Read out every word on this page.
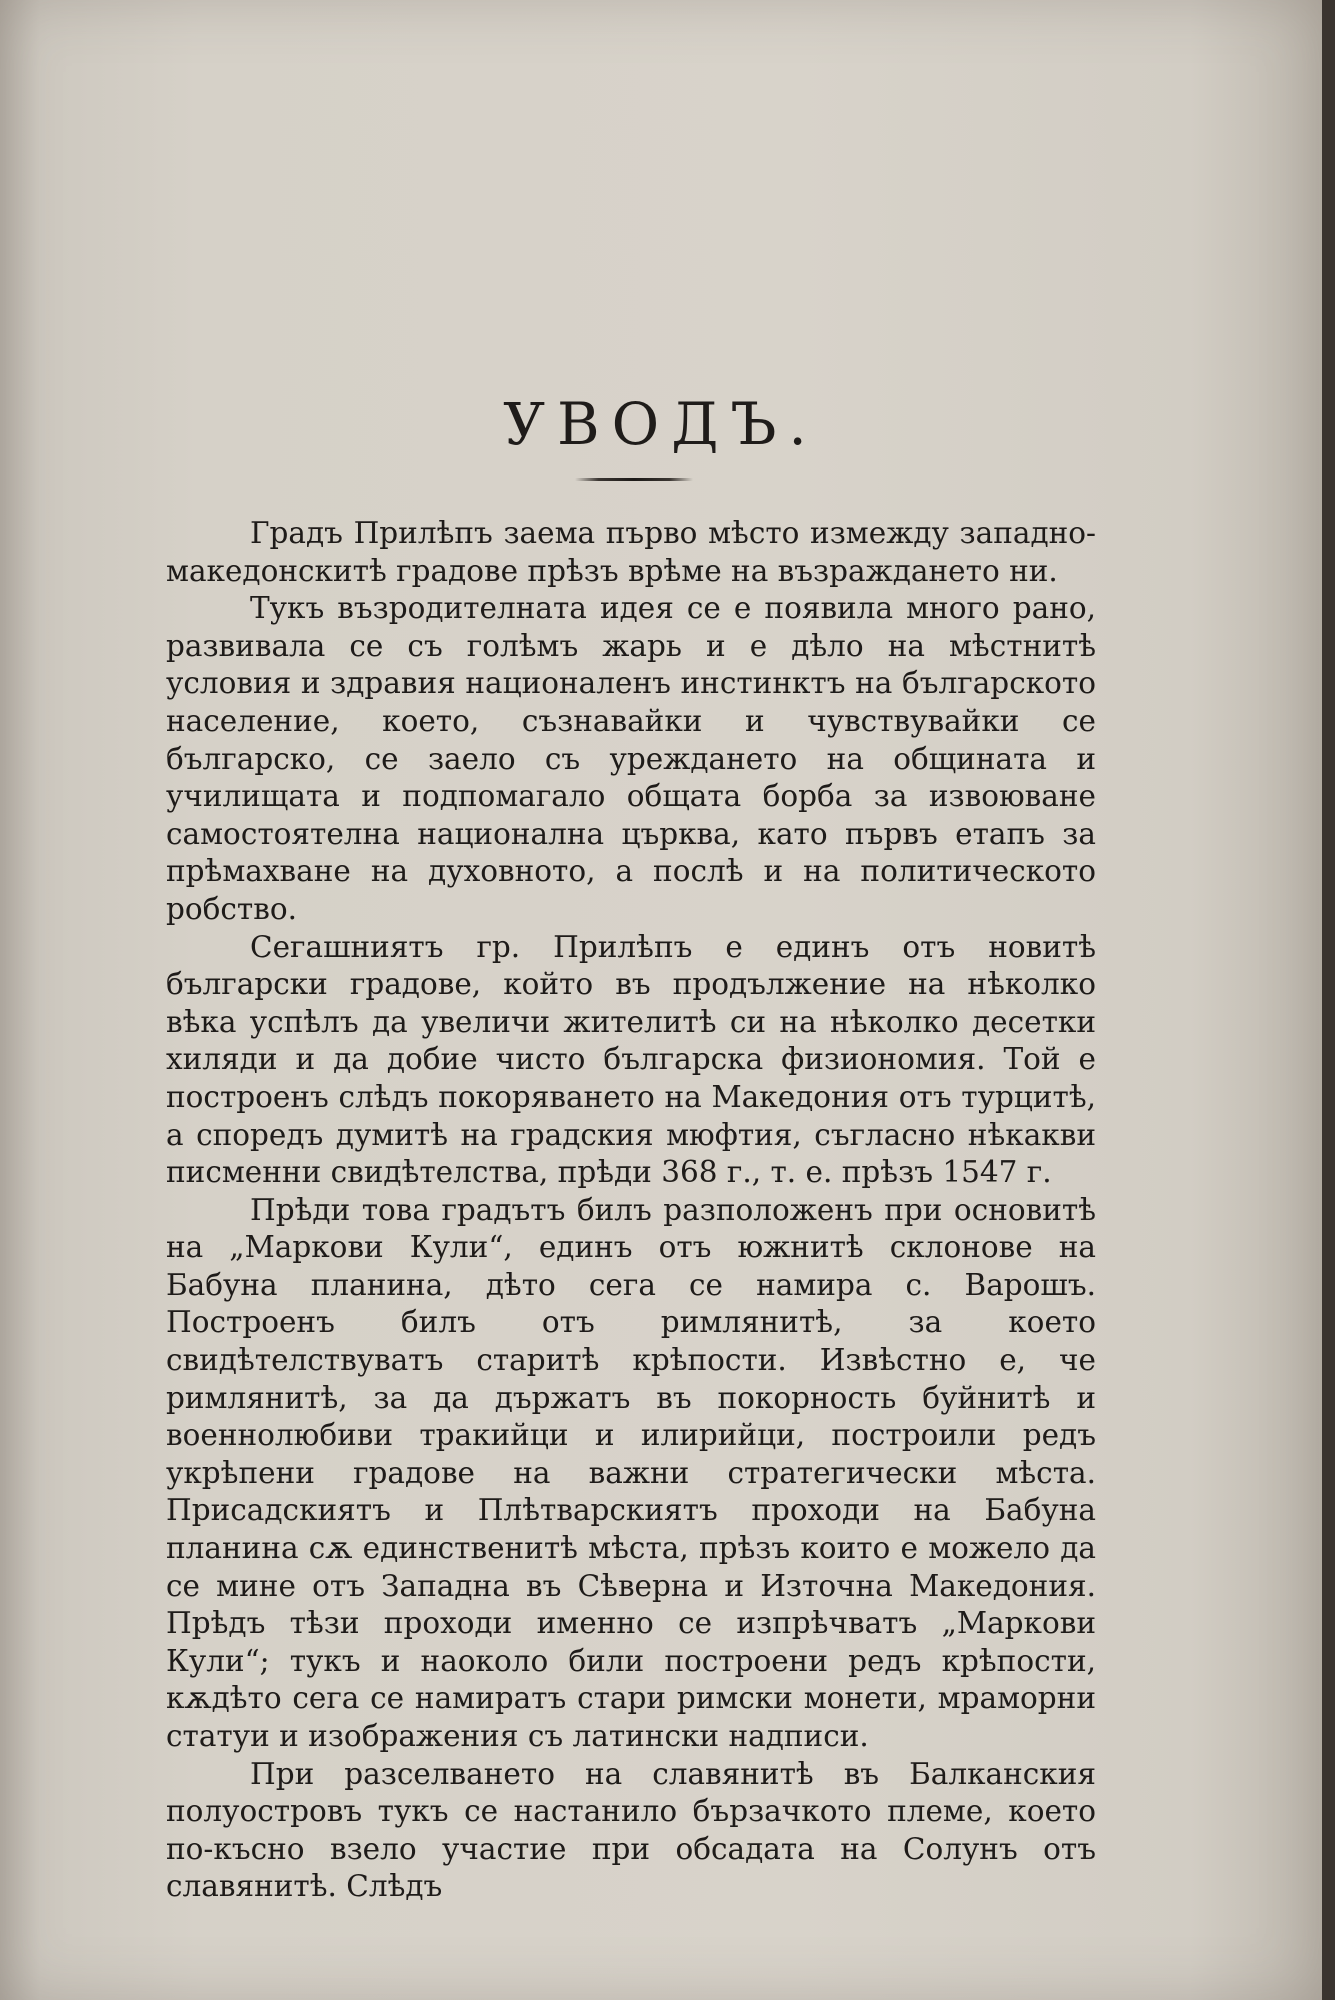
УВОДЪ.

Градъ Прилѣпъ заема първо мѣсто измежду западно-македонскитѣ градове прѣзъ врѣме на възраждането ни.

Тукъ възродителната идея се е появила много рано, развивала се съ голѣмъ жарь и е дѣло на мѣстнитѣ условия и здравия националенъ инстинктъ на българското население, което, съзнавайки и чувствувайки се българско, се заело съ уреждането на общината и училищата и подпомагало общата борба за извоюване самостоятелна национална църква, като първъ етапъ за прѣмахване на духовното, а послѣ и на политическото робство.

Сегашниятъ гр. Прилѣпъ е единъ отъ новитѣ български градове, който въ продължение на нѣколко вѣка успѣлъ да увеличи жителитѣ си на нѣколко десетки хиляди и да добие чисто българска физиономия. Той е построенъ слѣдъ покоряването на Македония отъ турцитѣ, а споредъ думитѣ на градския мюфтия, съгласно нѣкакви писменни свидѣтелства, прѣди 368 г., т. е. прѣзъ 1547 г.

Прѣди това градътъ билъ разположенъ при основитѣ на „Маркови Кули“, единъ отъ южнитѣ склонове на Бабуна планина, дѣто сега се намира с. Варошъ. Построенъ билъ отъ римлянитѣ, за което свидѣтелствуватъ старитѣ крѣпости. Извѣстно е, че римлянитѣ, за да държатъ въ покорность буйнитѣ и военнолюбиви тракийци и илирийци, построили редъ укрѣпени градове на важни стратегически мѣста. Присадскиятъ и Плѣтварскиятъ проходи на Бабуна планина сѫ единственитѣ мѣста, прѣзъ които е можело да се мине отъ Западна въ Сѣверна и Източна Македония. Прѣдъ тѣзи проходи именно се изпрѣчватъ „Маркови Кули“; тукъ и наоколо били построени редъ крѣпости, кѫдѣто сега се намиратъ стари римски монети, мраморни статуи и изображения съ латински надписи.

При разселването на славянитѣ въ Балканския полуостровъ тукъ се настанило бързачкото племе, което по-късно взело участие при обсадата на Солунъ отъ славянитѣ. Слѣдъ
